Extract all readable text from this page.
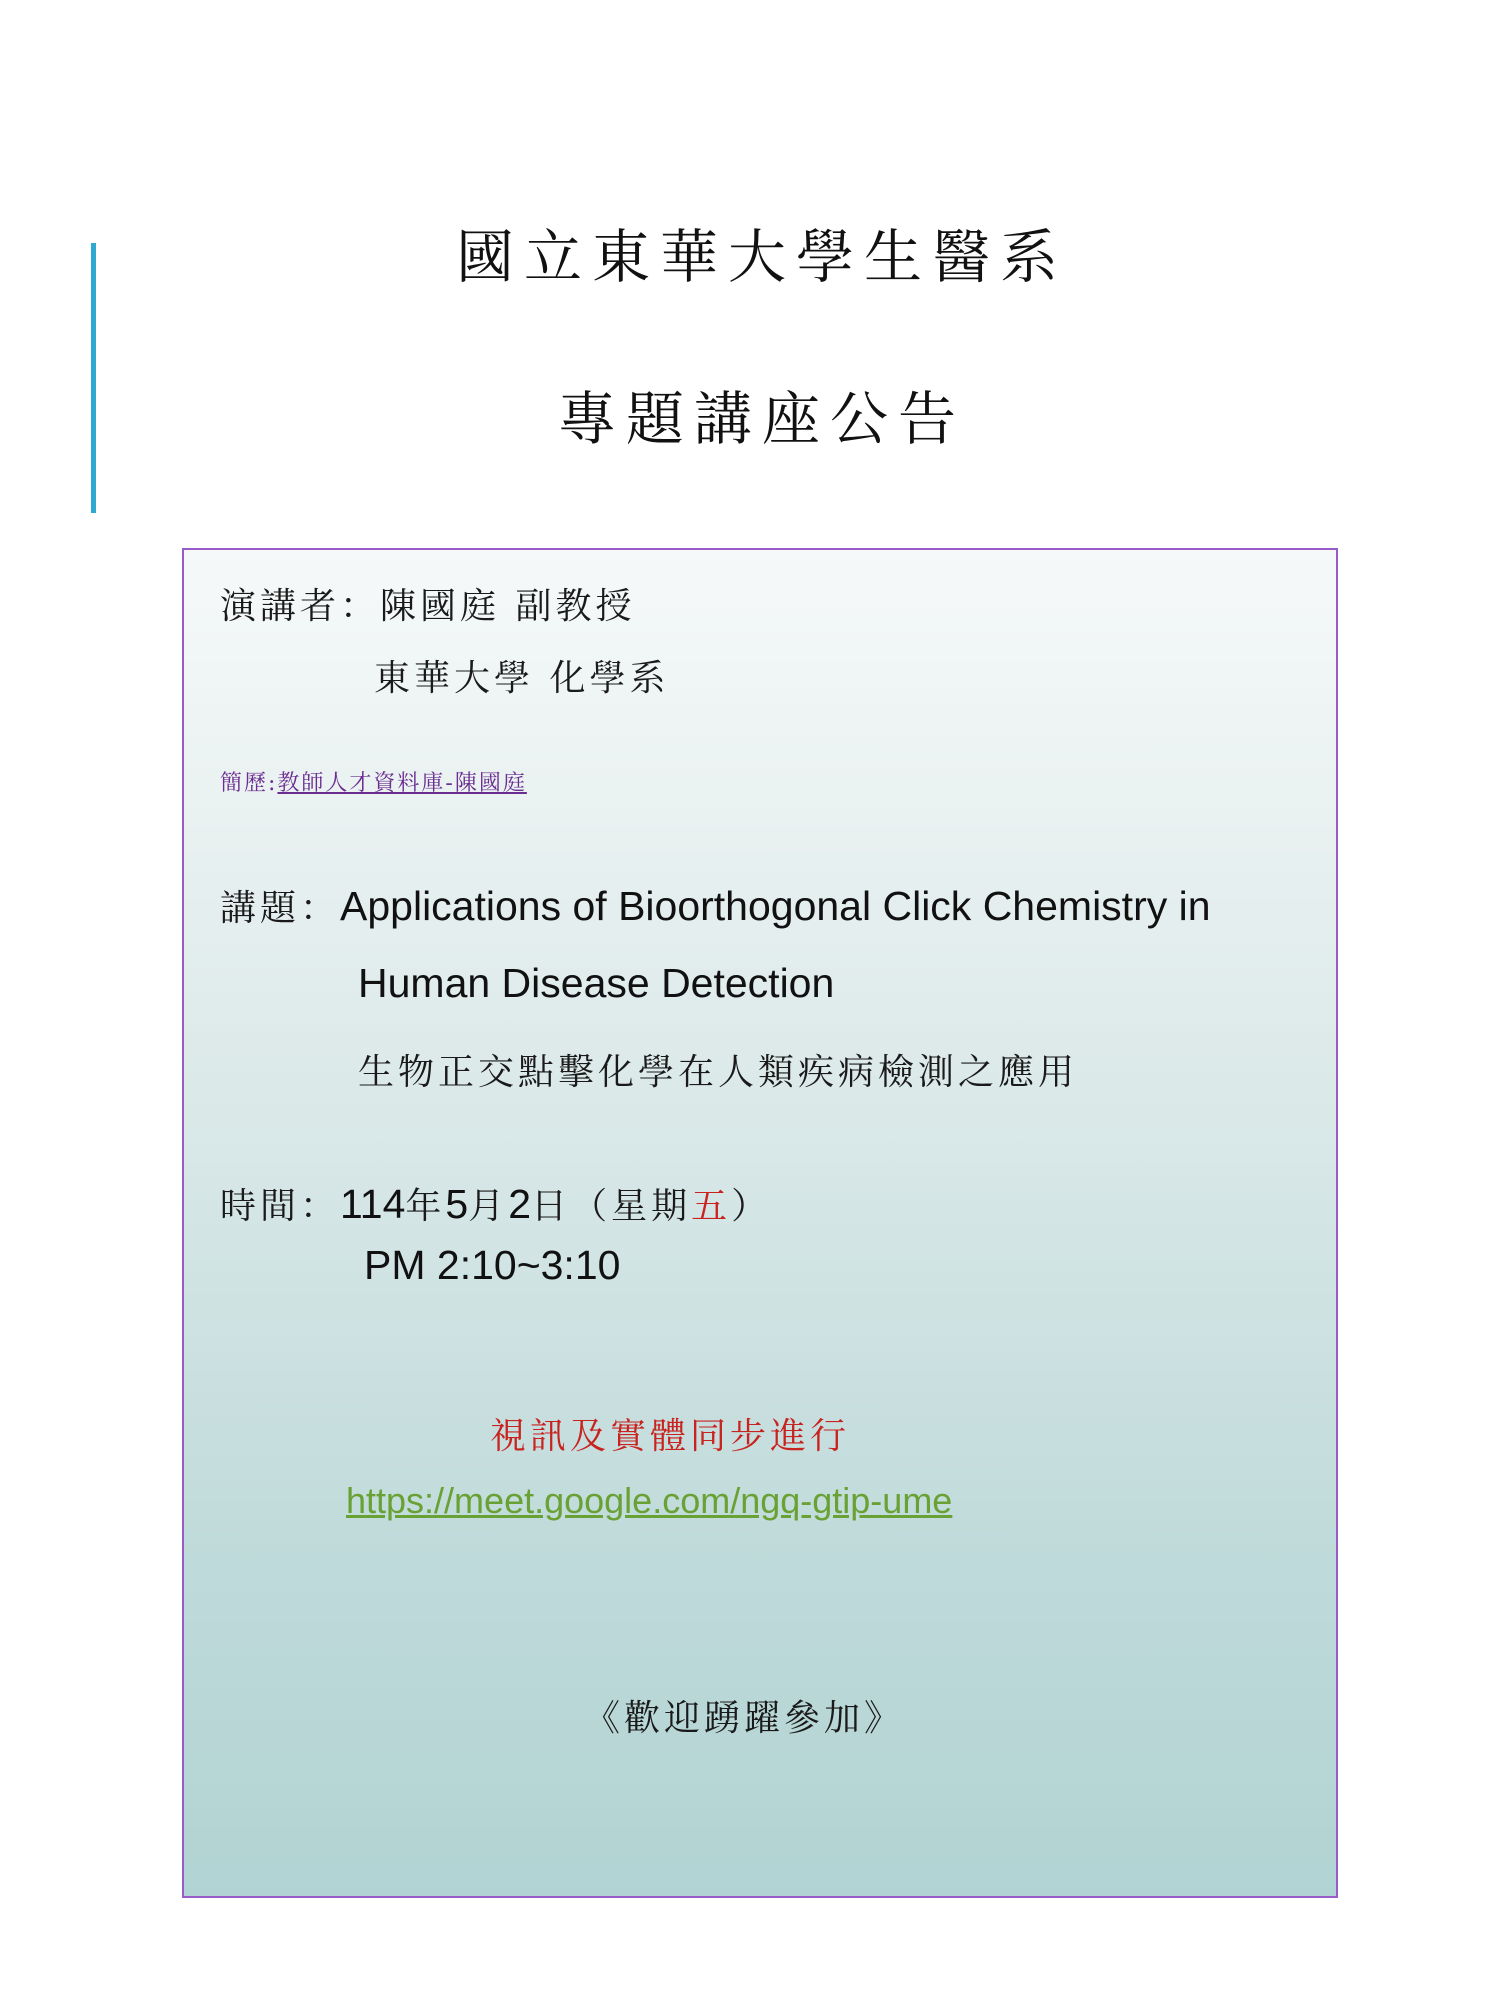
國立東華大學生醫系
專題講座公告
演講者：陳國庭 副教授
東華大學 化學系
簡歷:教師人才資料庫-陳國庭
講題：Applications of Bioorthogonal Click Chemistry in
Human Disease Detection
生物正交點擊化學在人類疾病檢測之應用
時間：114年5月2日（星期五）
PM 2:10~3:10
視訊及實體同步進行
https://meet.google.com/ngq-gtip-ume
《歡迎踴躍參加》
